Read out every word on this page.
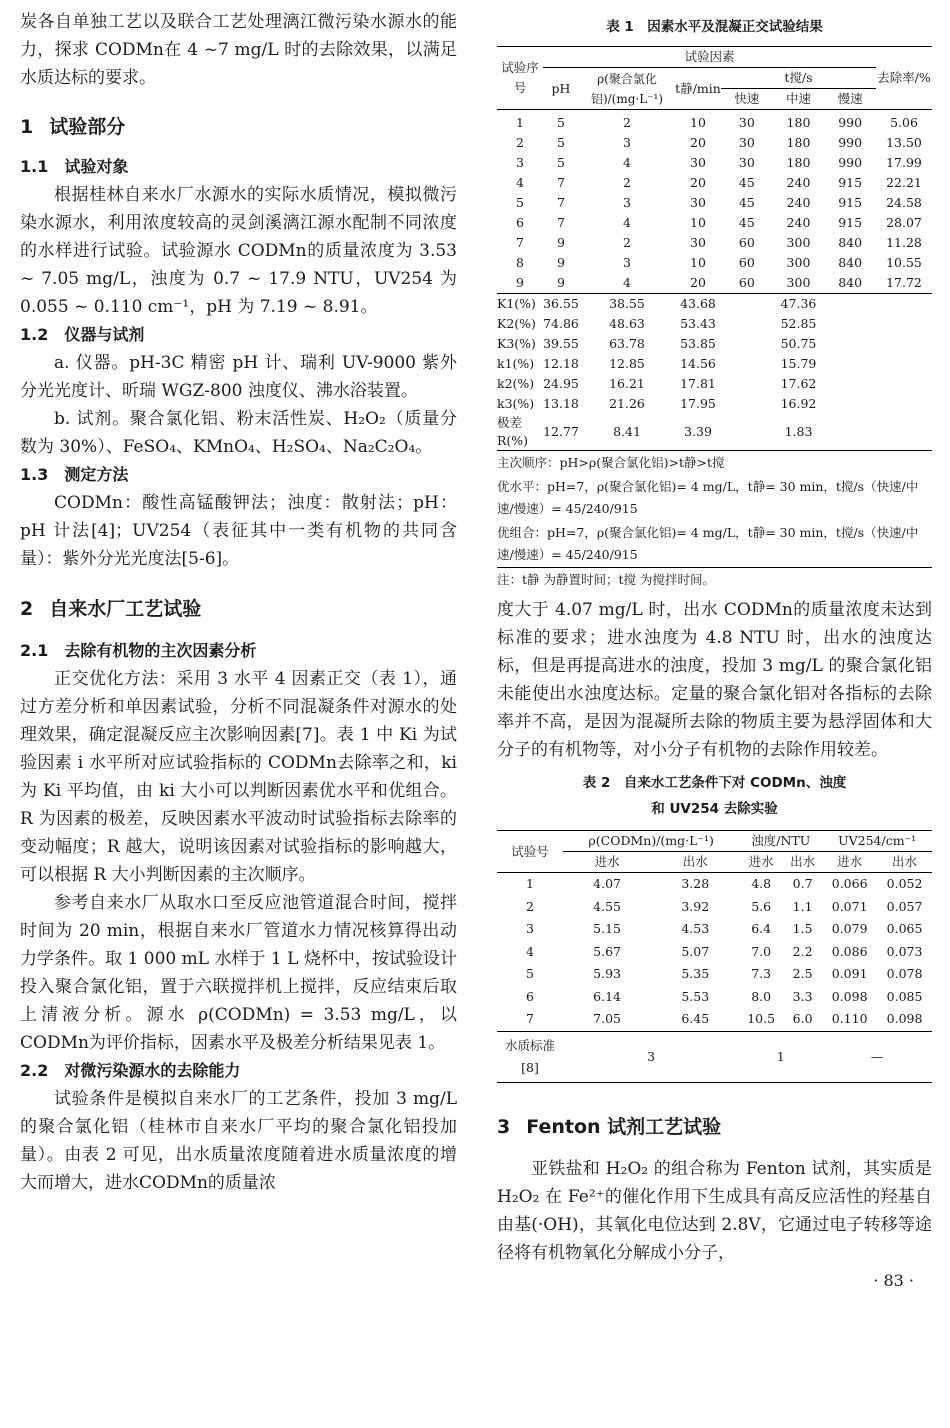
炭各自单独工艺以及联合工艺处理漓江微污染水源水的能力，探求 CODMn在 4 ~7 mg/L 时的去除效果，以满足水质达标的要求。

1 试验部分
1.1 试验对象

根据桂林自来水厂水源水的实际水质情况，模拟微污染水源水，利用浓度较高的灵剑溪漓江源水配制不同浓度的水样进行试验。试验源水 CODMn的质量浓度为 3.53 ~ 7.05 mg/L，浊度为 0.7 ~ 17.9 NTU，UV254 为 0.055 ~ 0.110 cm⁻¹，pH 为 7.19 ~ 8.91。

1.2 仪器与试剂

a. 仪器。pH-3C 精密 pH 计、瑞利 UV-9000 紫外分光光度计、昕瑞 WGZ-800 浊度仪、沸水浴装置。

b. 试剂。聚合氯化铝、粉末活性炭、H₂O₂（质量分数为 30%）、FeSO₄、KMnO₄、H₂SO₄、Na₂C₂O₄。

1.3 测定方法

CODMn：酸性高锰酸钾法；浊度：散射法；pH：pH 计法[4]；UV254（表征其中一类有机物的共同含量）：紫外分光光度法[5-6]。

2 自来水厂工艺试验
2.1 去除有机物的主次因素分析

正交优化方法：采用 3 水平 4 因素正交（表 1），通过方差分析和单因素试验，分析不同混凝条件对源水的处理效果，确定混凝反应主次影响因素[7]。表 1 中 Ki 为试验因素 i 水平所对应试验指标的 CODMn去除率之和，ki 为 Ki 平均值，由 ki 大小可以判断因素优水平和优组合。R 为因素的极差，反映因素水平波动时试验指标去除率的变动幅度；R 越大，说明该因素对试验指标的影响越大，可以根据 R 大小判断因素的主次顺序。

参考自来水厂从取水口至反应池管道混合时间，搅拌时间为 20 min，根据自来水厂管道水力情况核算得出动力学条件。取 1 000 mL 水样于 1 L 烧杯中，按试验设计投入聚合氯化铝，置于六联搅拌机上搅拌，反应结束后取上清液分析。源水 ρ(CODMn) = 3.53 mg/L，以 CODMn为评价指标，因素水平及极差分析结果见表 1。

2.2 对微污染源水的去除能力

试验条件是模拟自来水厂的工艺条件，投加 3 mg/L 的聚合氯化铝（桂林市自来水厂平均的聚合氯化铝投加量）。由表 2 可见，出水质量浓度随着进水质量浓度的增大而增大，进水CODMn的质量浓

表 1　因素水平及混凝正交试验结果
试验序号	试验因素						去除率/%
	pH	ρ(聚合氯化铝)/(mg·L⁻¹)	t静/min	t搅/s			
				快速	中速	慢速	
1	5	2	10	30	180	990	5.06
2	5	3	20	30	180	990	13.50
3	5	4	30	30	180	990	17.99
4	7	2	20	45	240	915	22.21
5	7	3	30	45	240	915	24.58
6	7	4	10	45	240	915	28.07
7	9	2	30	60	300	840	11.28
8	9	3	10	60	300	840	10.55
9	9	4	20	60	300	840	17.72
K1(%)	36.55	38.55	43.68	47.36			
K2(%)	74.86	48.63	53.43	52.85			
K3(%)	39.55	63.78	53.85	50.75			
k1(%)	12.18	12.85	14.56	15.79			
k2(%)	24.95	16.21	17.81	17.62			
k3(%)	13.18	21.26	17.95	16.92			
极差R(%)	12.77	8.41	3.39	1.83			
主次顺序：pH>ρ(聚合氯化铝)>t静>t搅
优水平：pH=7，ρ(聚合氯化铝)= 4 mg/L，t静= 30 min，t搅/s（快速/中速/慢速）= 45/240/915
优组合：pH=7，ρ(聚合氯化铝)= 4 mg/L，t静= 30 min，t搅/s（快速/中速/慢速）= 45/240/915
注：t静 为静置时间；t搅 为搅拌时间。

度大于 4.07 mg/L 时，出水 CODMn的质量浓度未达到标准的要求；进水浊度为 4.8 NTU 时，出水的浊度达标，但是再提高进水的浊度，投加 3 mg/L 的聚合氯化铝未能使出水浊度达标。定量的聚合氯化铝对各指标的去除率并不高，是因为混凝所去除的物质主要为悬浮固体和大分子的有机物等，对小分子有机物的去除作用较差。

表 2　自来水工艺条件下对 CODMn、浊度
和 UV254 去除实验
试验号	ρ(CODMn)/(mg·L⁻¹)		浊度/NTU		UV254/cm⁻¹	
	进水	出水	进水	出水	进水	出水
1	4.07	3.28	4.8	0.7	0.066	0.052
2	4.55	3.92	5.6	1.1	0.071	0.057
3	5.15	4.53	6.4	1.5	0.079	0.065
4	5.67	5.07	7.0	2.2	0.086	0.073
5	5.93	5.35	7.3	2.5	0.091	0.078
6	6.14	5.53	8.0	3.3	0.098	0.085
7	7.05	6.45	10.5	6.0	0.110	0.098
水质标准[8]	3		1		—	
3 Fenton 试剂工艺试验

亚铁盐和 H₂O₂ 的组合称为 Fenton 试剂，其实质是 H₂O₂ 在 Fe²⁺的催化作用下生成具有高反应活性的羟基自由基(·OH)，其氧化电位达到 2.8V，它通过电子转移等途径将有机物氧化分解成小分子，

· 83 ·
